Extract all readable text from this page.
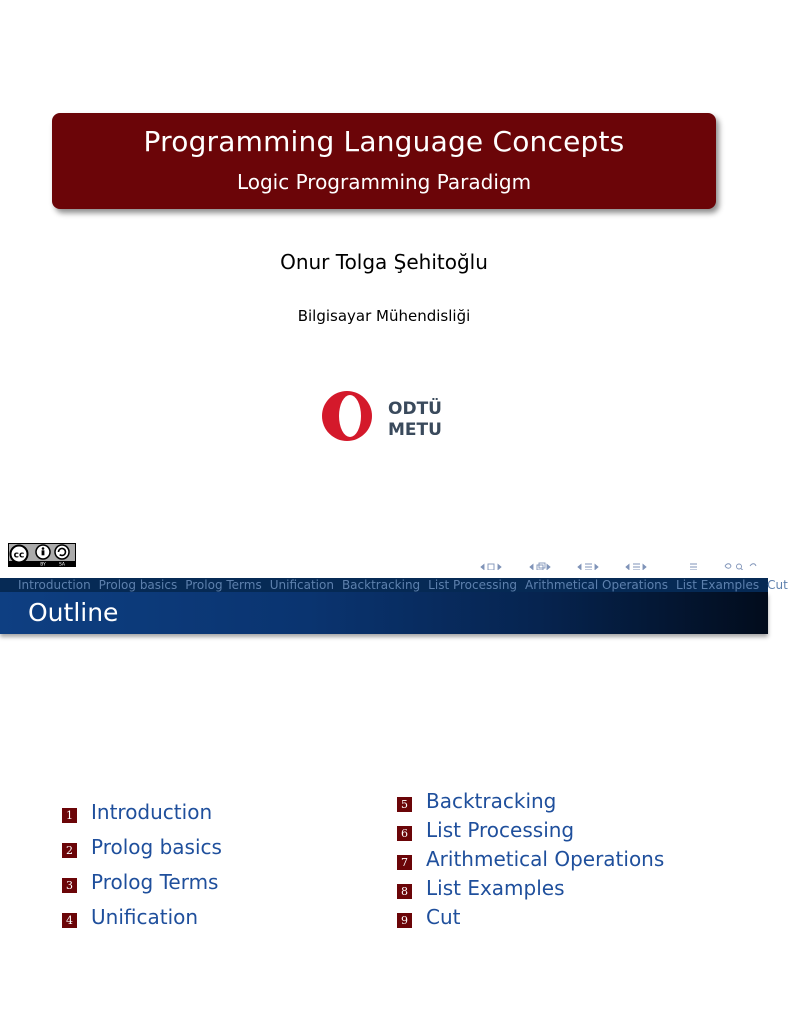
Programming Language Concepts
Logic Programming Paradigm
Onur Tolga Şehitoğlu
Bilgisayar Mühendisliği
ODTÜ
METU
cc
BY	SA
Introduction Prolog basics Prolog Terms Unification Backtracking List Processing Arithmetical Operations List Examples Cut
Outline
1 Introduction
2 Prolog basics
3 Prolog Terms
4 Unification
5 Backtracking
6 List Processing
7 Arithmetical Operations
8 List Examples
9 Cut
